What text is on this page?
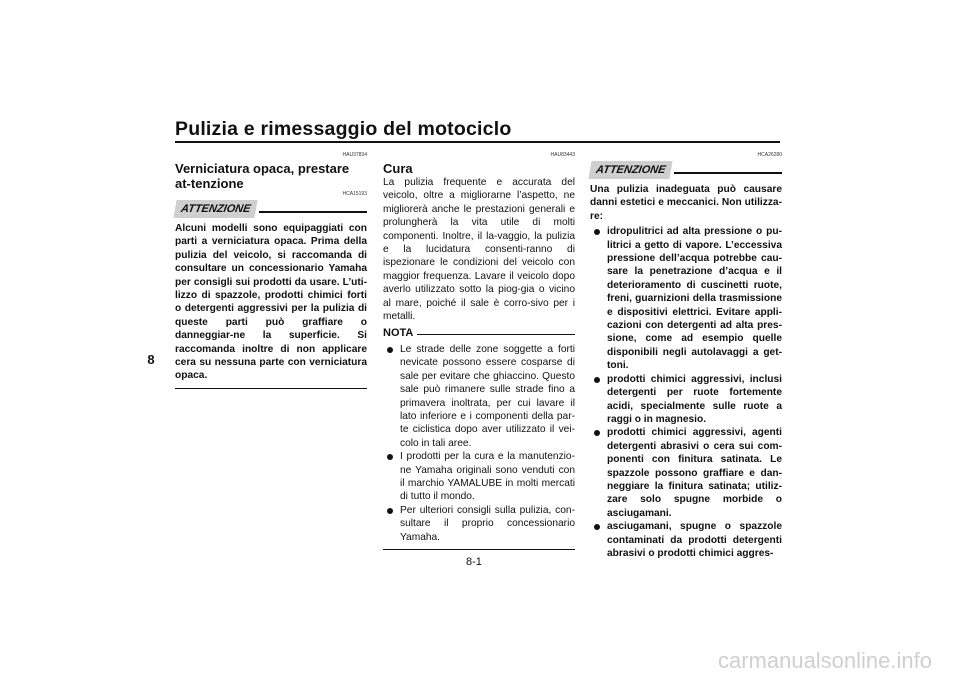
Pulizia e rimessaggio del motociclo
8
HAU37834
Verniciatura opaca, prestare at-tenzione
HCA15193
ATTENZIONE
Alcuni modelli sono equipaggiati con parti a verniciatura opaca. Prima della pulizia del veicolo, si raccomanda di consultare un concessionario Yamaha per consigli sui prodotti da usare. L’uti-lizzo di spazzole, prodotti chimici forti o detergenti aggressivi per la pulizia di queste parti può graffiare o danneggiar-ne la superficie. Si raccomanda inoltre di non applicare cera su nessuna parte con verniciatura opaca.
HAU83443
Cura

La pulizia frequente e accurata del veicolo, oltre a migliorarne l’aspetto, ne migliorerà anche le prestazioni generali e prolungherà la vita utile di molti componenti. Inoltre, il la-vaggio, la pulizia e la lucidatura consenti-ranno di ispezionare le condizioni del veicolo con maggior frequenza. Lavare il veicolo dopo averlo utilizzato sotto la piog-gia o vicino al mare, poiché il sale è corro-sivo per i metalli.

NOTA
Le strade delle zone soggette a forti nevicate possono essere cosparse di sale per evitare che ghiaccino. Questo sale può rimanere sulle strade fino a primavera inoltrata, per cui lavare il lato inferiore e i componenti della par-te ciclistica dopo aver utilizzato il vei-colo in tali aree.
I prodotti per la cura e la manutenzio-ne Yamaha originali sono venduti con il marchio YAMALUBE in molti mercati di tutto il mondo.
Per ulteriori consigli sulla pulizia, con-sultare il proprio concessionario Yamaha.
HCA26280
ATTENZIONE
Una pulizia inadeguata può causare danni estetici e meccanici. Non utilizza-re:
idropulitrici ad alta pressione o pu-litrici a getto di vapore. L’eccessiva pressione dell’acqua potrebbe cau-sare la penetrazione d’acqua e il deterioramento di cuscinetti ruote, freni, guarnizioni della trasmissione e dispositivi elettrici. Evitare appli-cazioni con detergenti ad alta pres-sione, come ad esempio quelle disponibili negli autolavaggi a get-toni.
prodotti chimici aggressivi, inclusi detergenti per ruote fortemente acidi, specialmente sulle ruote a raggi o in magnesio.
prodotti chimici aggressivi, agenti detergenti abrasivi o cera sui com-ponenti con finitura satinata. Le spazzole possono graffiare e dan-neggiare la finitura satinata; utiliz-zare solo spugne morbide o asciugamani.
asciugamani, spugne o spazzole contaminati da prodotti detergenti abrasivi o prodotti chimici aggres-
8-1
carmanualsonline.info
